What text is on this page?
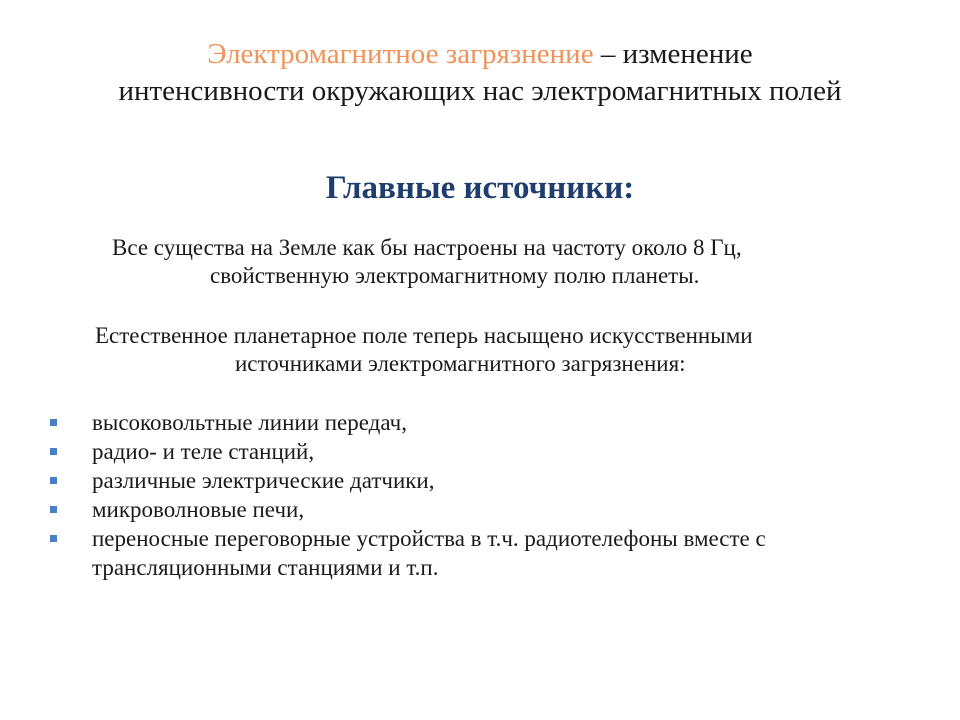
Электромагнитное загрязнение – изменение
интенсивности окружающих нас электромагнитных полей
Главные источники:
Все существа на Земле как бы настроены на частоту около 8 Гц,
свойственную электромагнитному полю планеты.
Естественное планетарное поле теперь насыщено искусственными
источниками электромагнитного загрязнения:
высоковольтные линии передач,
радио- и теле станций,
различные электрические датчики,
микроволновые печи,
переносные переговорные устройства в т.ч. радиотелефоны вместе с
трансляционными станциями и т.п.
